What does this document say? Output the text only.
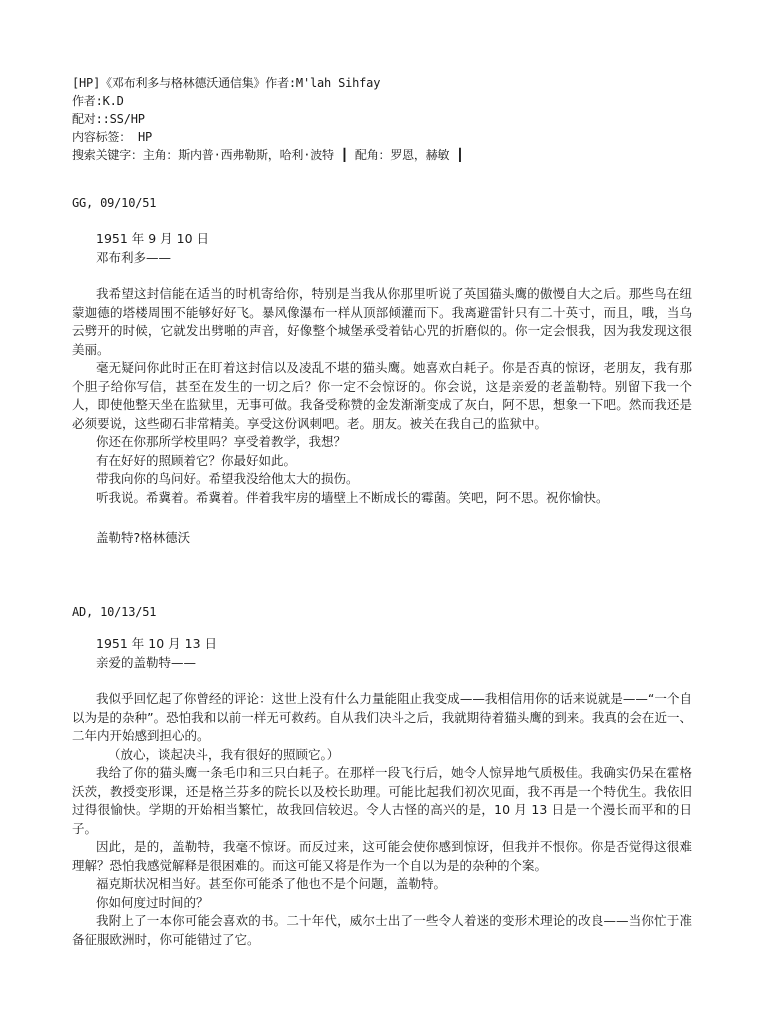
[HP]《邓布利多与格林德沃通信集》作者:M'lah Sihfay
作者:K.D
配对::SS/HP
内容标签： HP
搜索关键字：主角：斯内普·西弗勒斯，哈利·波特 ┃ 配角：罗恩，赫敏 ┃
GG, 09/10/51
1951 年 9 月 10 日
邓布利多——
我希望这封信能在适当的时机寄给你，特别是当我从你那里听说了英国猫头鹰的傲慢自大之后。那些鸟在纽蒙迦德的塔楼周围不能够好好飞。暴风像瀑布一样从顶部倾灌而下。我离避雷针只有二十英寸，而且，哦，当乌云劈开的时候，它就发出劈啪的声音，好像整个城堡承受着钻心咒的折磨似的。你一定会恨我，因为我发现这很美丽。
毫无疑问你此时正在盯着这封信以及凌乱不堪的猫头鹰。她喜欢白耗子。你是否真的惊讶，老朋友，我有那个胆子给你写信，甚至在发生的一切之后？你一定不会惊讶的。你会说，这是亲爱的老盖勒特。别留下我一个人，即使他整天坐在监狱里，无事可做。我备受称赞的金发渐渐变成了灰白，阿不思，想象一下吧。然而我还是必须要说，这些砌石非常精美。享受这份讽刺吧。老。朋友。被关在我自己的监狱中。
你还在你那所学校里吗？享受着教学，我想？
有在好好的照顾着它？你最好如此。
带我向你的鸟问好。希望我没给他太大的损伤。
听我说。希冀着。希冀着。伴着我牢房的墙壁上不断成长的霉菌。笑吧，阿不思。祝你愉快。
盖勒特?格林德沃
AD, 10/13/51
1951 年 10 月 13 日
亲爱的盖勒特——
我似乎回忆起了你曾经的评论：这世上没有什么力量能阻止我变成——我相信用你的话来说就是——“一个自以为是的杂种”。恐怕我和以前一样无可救药。自从我们决斗之后，我就期待着猫头鹰的到来。我真的会在近一、二年内开始感到担心的。
（放心，谈起决斗，我有很好的照顾它。）
我给了你的猫头鹰一条毛巾和三只白耗子。在那样一段飞行后，她令人惊异地气质极佳。我确实仍呆在霍格沃茨，教授变形课，还是格兰芬多的院长以及校长助理。可能比起我们初次见面，我不再是一个特优生。我依旧过得很愉快。学期的开始相当繁忙，故我回信较迟。令人古怪的高兴的是，10 月 13 日是一个漫长而平和的日子。
因此，是的，盖勒特，我毫不惊讶。而反过来，这可能会使你感到惊讶，但我并不恨你。你是否觉得这很难理解？恐怕我感觉解释是很困难的。而这可能又将是作为一个自以为是的杂种的个案。
福克斯状况相当好。甚至你可能杀了他也不是个问题，盖勒特。
你如何度过时间的？
我附上了一本你可能会喜欢的书。二十年代，威尔士出了一些令人着迷的变形术理论的改良——当你忙于准备征服欧洲时，你可能错过了它。
